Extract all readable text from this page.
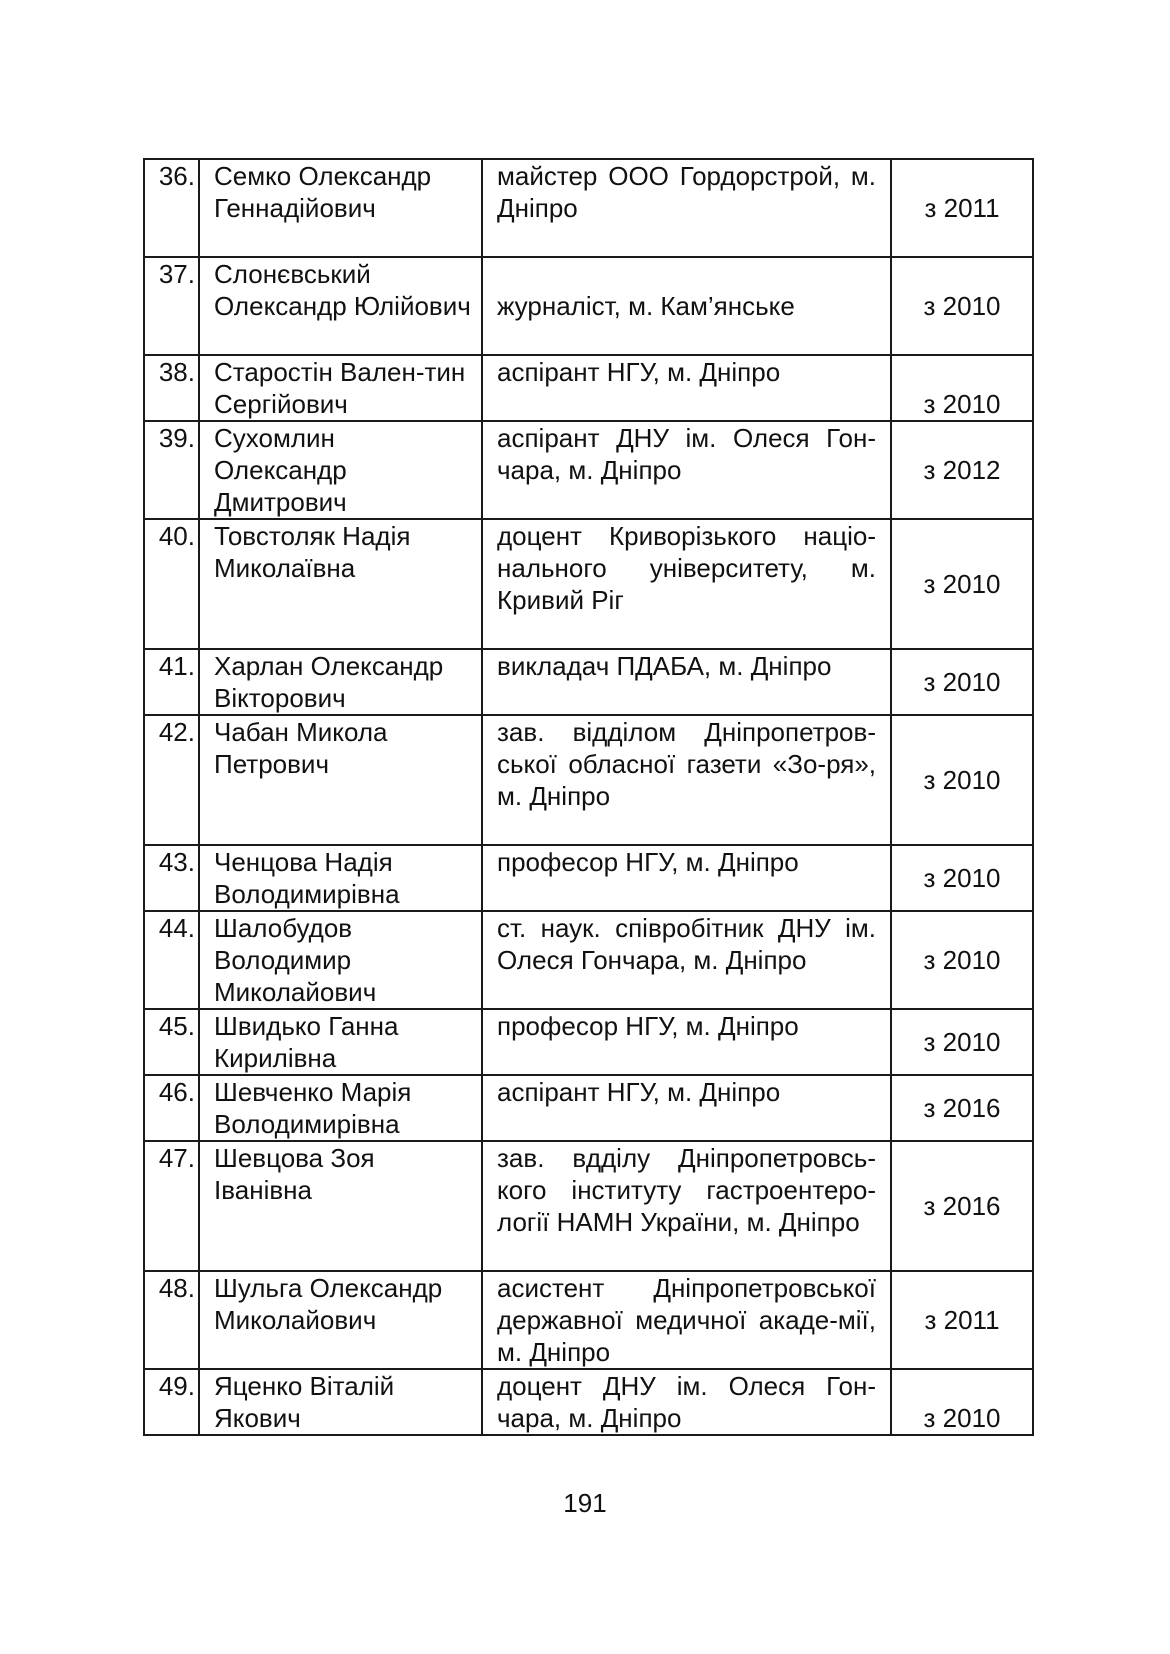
36.	Семко Олександр Геннадійович	майстер ООО Гордорстрой, м. Дніпро	з 2011
37.	Слонєвський Олександр Юлійович	журналіст, м. Кам’янське	з 2010
38.	Старостін Вален-тин Сергійович	аспірант НГУ, м. Дніпро	з 2010
39.	Сухомлин Олександр Дмитрович	аспірант ДНУ ім. Олеся Гон-чара, м. Дніпро	з 2012
40.	Товстоляк Надія Миколаївна	доцент Криворізького націо-нального університету, м. Кривий Ріг	з 2010
41.	Харлан Олександр Вікторович	викладач ПДАБА, м. Дніпро	з 2010
42.	Чабан Микола Петрович	зав. відділом Дніпропетров-ської обласної газети «Зо-ря», м. Дніпро	з 2010
43.	Ченцова Надія Володимирівна	професор НГУ, м. Дніпро	з 2010
44.	Шалобудов Володимир Миколайович	ст. наук. співробітник ДНУ ім. Олеся Гончара, м. Дніпро	з 2010
45.	Швидько Ганна Кирилівна	професор НГУ, м. Дніпро	з 2010
46.	Шевченко Марія Володимирівна	аспірант НГУ, м. Дніпро	з 2016
47.	Шевцова Зоя Іванівна	зав. вдділу Дніпропетровсь-кого інституту гастроентеро-логії НАМН України, м. Дніпро	з 2016
48.	Шульга Олександр Миколайович	асистент Дніпропетровської державної медичної акаде-мії, м. Дніпро	з 2011
49.	Яценко Віталій Якович	доцент ДНУ ім. Олеся Гон-чара, м. Дніпро	з 2010
191
